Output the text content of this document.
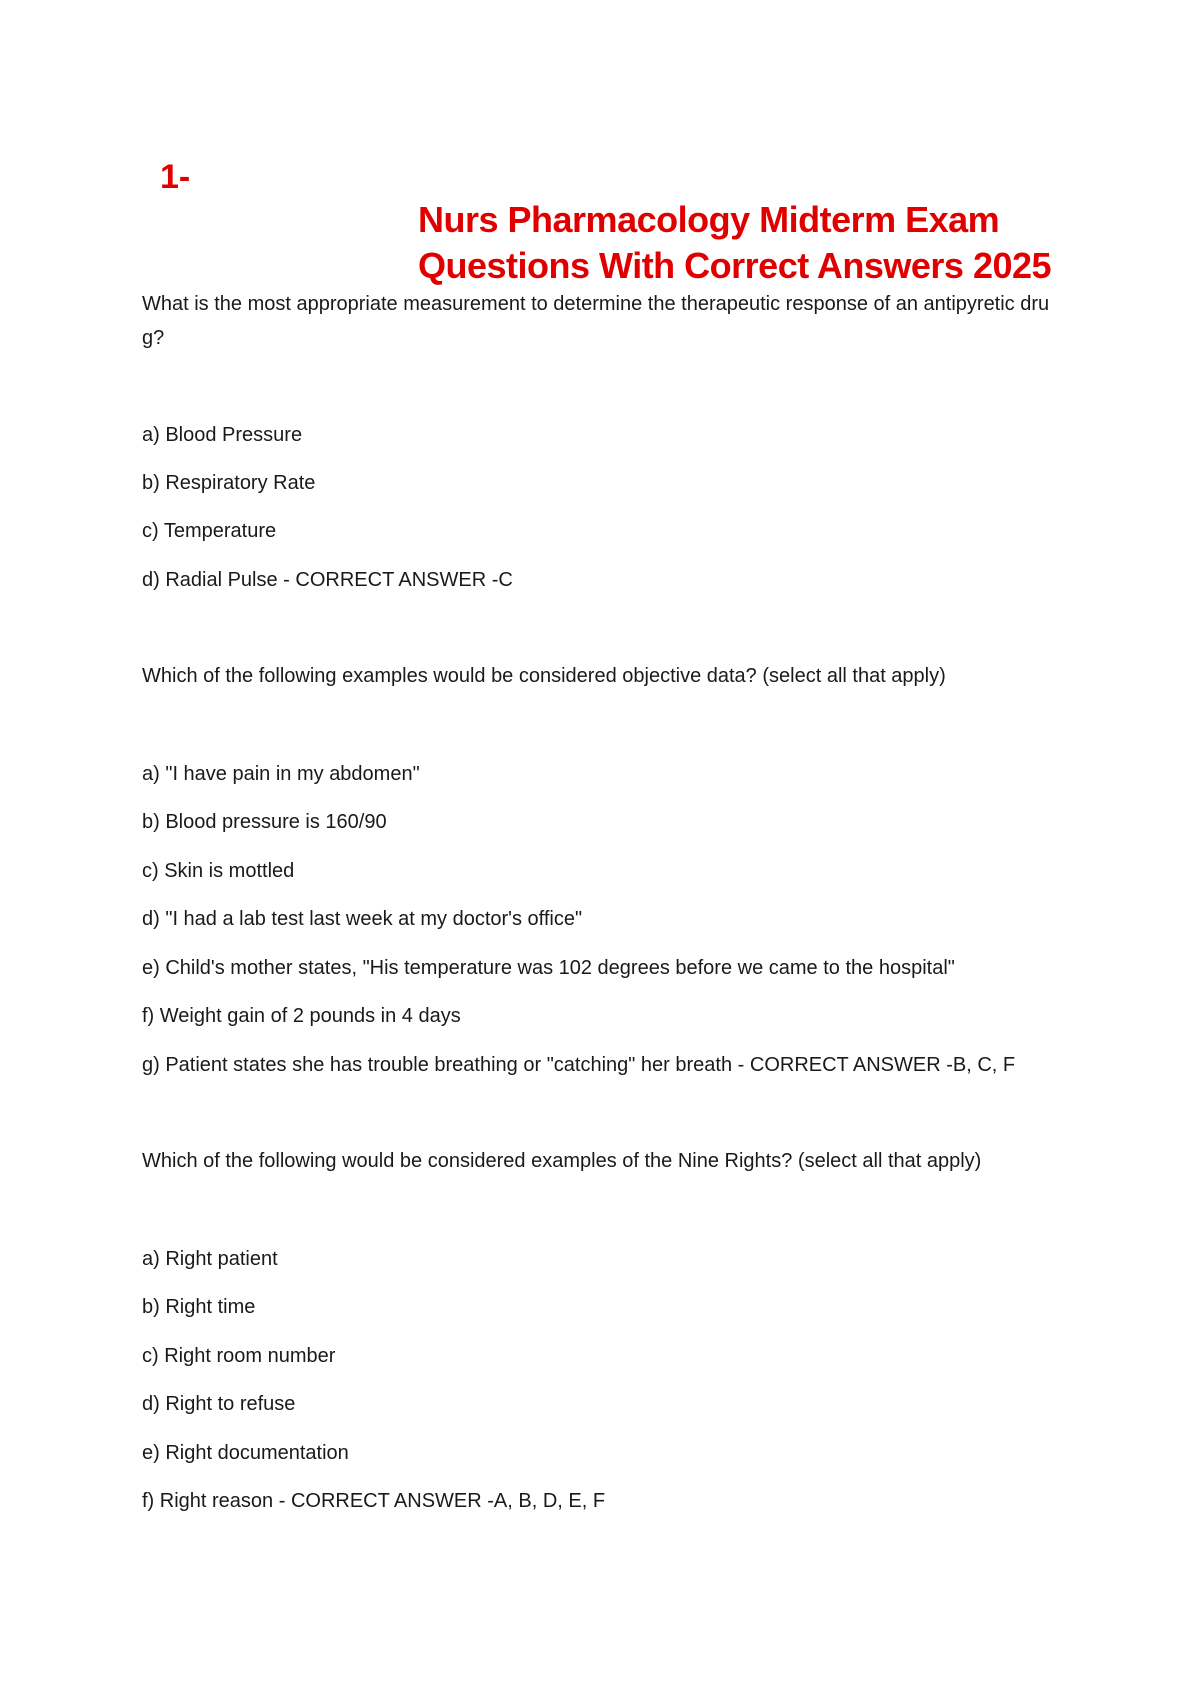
1-

Nurs Pharmacology Midterm Exam Questions With Correct Answers 2025

What is the most appropriate measurement to determine the therapeutic response of an antipyretic dru g?

a) Blood Pressure

b) Respiratory Rate

c) Temperature

d) Radial Pulse - CORRECT ANSWER -C

Which of the following examples would be considered objective data? (select all that apply)

a) "I have pain in my abdomen"

b) Blood pressure is 160/90

c) Skin is mottled

d) "I had a lab test last week at my doctor's office"

e) Child's mother states, "His temperature was 102 degrees before we came to the hospital"

f) Weight gain of 2 pounds in 4 days

g) Patient states she has trouble breathing or "catching" her breath - CORRECT ANSWER -B, C, F

Which of the following would be considered examples of the Nine Rights? (select all that apply)

a) Right patient

b) Right time

c) Right room number

d) Right to refuse

e) Right documentation

f) Right reason - CORRECT ANSWER -A, B, D, E, F
